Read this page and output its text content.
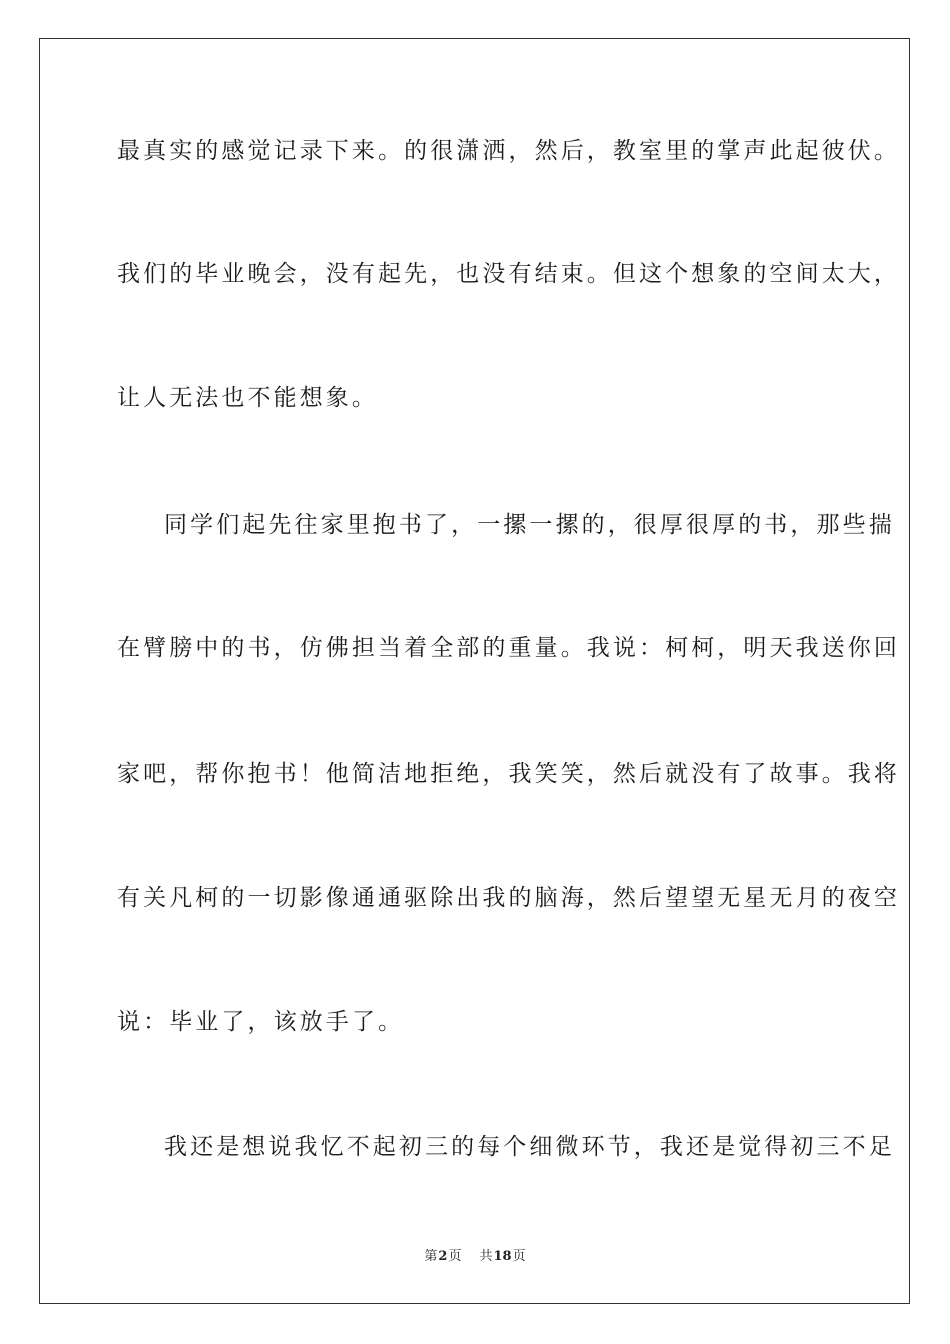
最真实的感觉记录下来。的很潇洒，然后，教室里的掌声此起彼伏。
我们的毕业晚会，没有起先，也没有结束。但这个想象的空间太大，
让人无法也不能想象。
同学们起先往家里抱书了，一摞一摞的，很厚很厚的书，那些揣
在臂膀中的书，仿佛担当着全部的重量。我说：柯柯，明天我送你回
家吧，帮你抱书！他简洁地拒绝，我笑笑，然后就没有了故事。我将
有关凡柯的一切影像通通驱除出我的脑海，然后望望无星无月的夜空
说：毕业了，该放手了。
我还是想说我忆不起初三的每个细微环节，我还是觉得初三不足
第2页 共18页
